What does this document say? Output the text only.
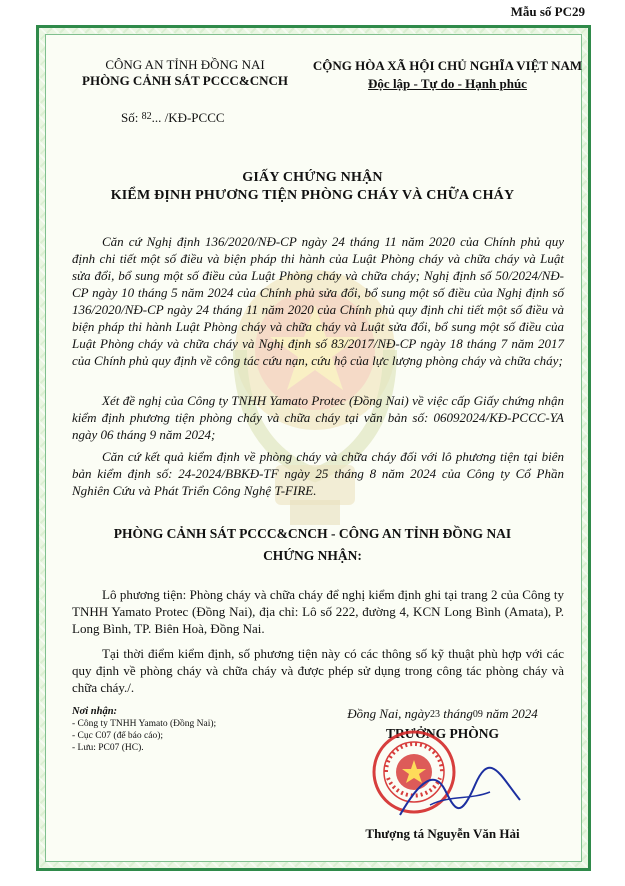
Mẫu số PC29
CÔNG AN TỈNH ĐỒNG NAI
PHÒNG CẢNH SÁT PCCC&CNCH
CỘNG HÒA XÃ HỘI CHỦ NGHĨA VIỆT NAM
Độc lập - Tự do - Hạnh phúc
Số: $^{82}$... /KĐ-PCCC
GIẤY CHỨNG NHẬN
KIỂM ĐỊNH PHƯƠNG TIỆN PHÒNG CHÁY VÀ CHỮA CHÁY
Căn cứ Nghị định 136/2020/NĐ-CP ngày 24 tháng 11 năm 2020 của Chính phủ quy định chi tiết một số điều và biện pháp thi hành của Luật Phòng cháy và chữa cháy và Luật sửa đổi, bổ sung một số điều của Luật Phòng cháy và chữa cháy; Nghị định số 50/2024/NĐ-CP ngày 10 tháng 5 năm 2024 của Chính phủ sửa đổi, bổ sung một số điều của Nghị định số 136/2020/NĐ-CP ngày 24 tháng 11 năm 2020 của Chính phủ quy định chi tiết một số điều và biện pháp thi hành Luật Phòng cháy và chữa cháy và Luật sửa đổi, bổ sung một số điều của Luật Phòng cháy và chữa cháy và Nghị định số 83/2017/NĐ-CP ngày 18 tháng 7 năm 2017 của Chính phủ quy định về công tác cứu nạn, cứu hộ của lực lượng phòng cháy và chữa cháy;
Xét đề nghị của Công ty TNHH Yamato Protec (Đồng Nai) về việc cấp Giấy chứng nhận kiểm định phương tiện phòng cháy và chữa cháy tại văn bản số: 06092024/KĐ-PCCC-YA ngày 06 tháng 9 năm 2024;
Căn cứ kết quả kiểm định về phòng cháy và chữa cháy đối với lô phương tiện tại biên bản kiểm định số: 24-2024/BBKĐ-TF ngày 25 tháng 8 năm 2024 của Công ty Cổ Phần Nghiên Cứu và Phát Triển Công Nghệ T-FIRE.
PHÒNG CẢNH SÁT PCCC&CNCH - CÔNG AN TỈNH ĐỒNG NAI
CHỨNG NHẬN:
Lô phương tiện: Phòng cháy và chữa cháy để nghị kiểm định ghi tại trang 2 của Công ty TNHH Yamato Protec (Đồng Nai), địa chỉ: Lô số 222, đường 4, KCN Long Bình (Amata), P. Long Bình, TP. Biên Hoà, Đồng Nai.
Tại thời điểm kiểm định, số phương tiện này có các thông số kỹ thuật phù hợp với các quy định về phòng cháy và chữa cháy và được phép sử dụng trong công tác phòng cháy và chữa cháy./.
Nơi nhận:
- Công ty TNHH Yamato (Đồng Nai);
- Cục C07 (để báo cáo);
- Lưu: PC07 (HC).
Đồng Nai, ngày23 tháng09 năm 2024
TRƯỞNG PHÒNG
Thượng tá Nguyễn Văn Hải
